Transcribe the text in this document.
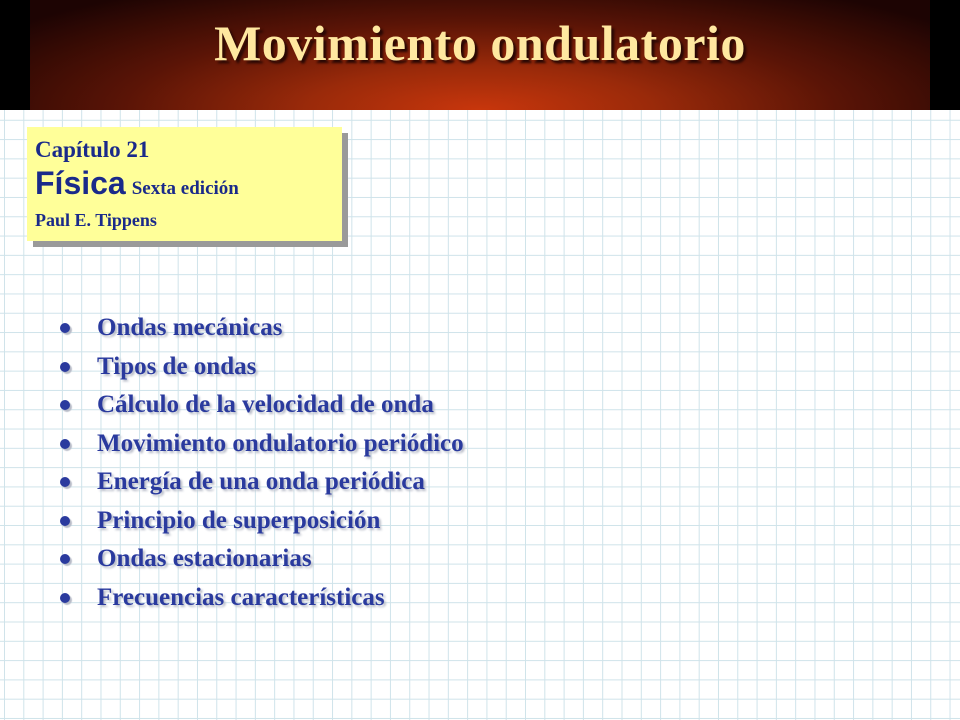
Movimiento ondulatorio
Capítulo 21
Física Sexta edición
Paul E. Tippens
Ondas mecánicas
Tipos de ondas
Cálculo de la velocidad de onda
Movimiento ondulatorio periódico
Energía de una onda periódica
Principio de superposición
Ondas estacionarias
Frecuencias características
